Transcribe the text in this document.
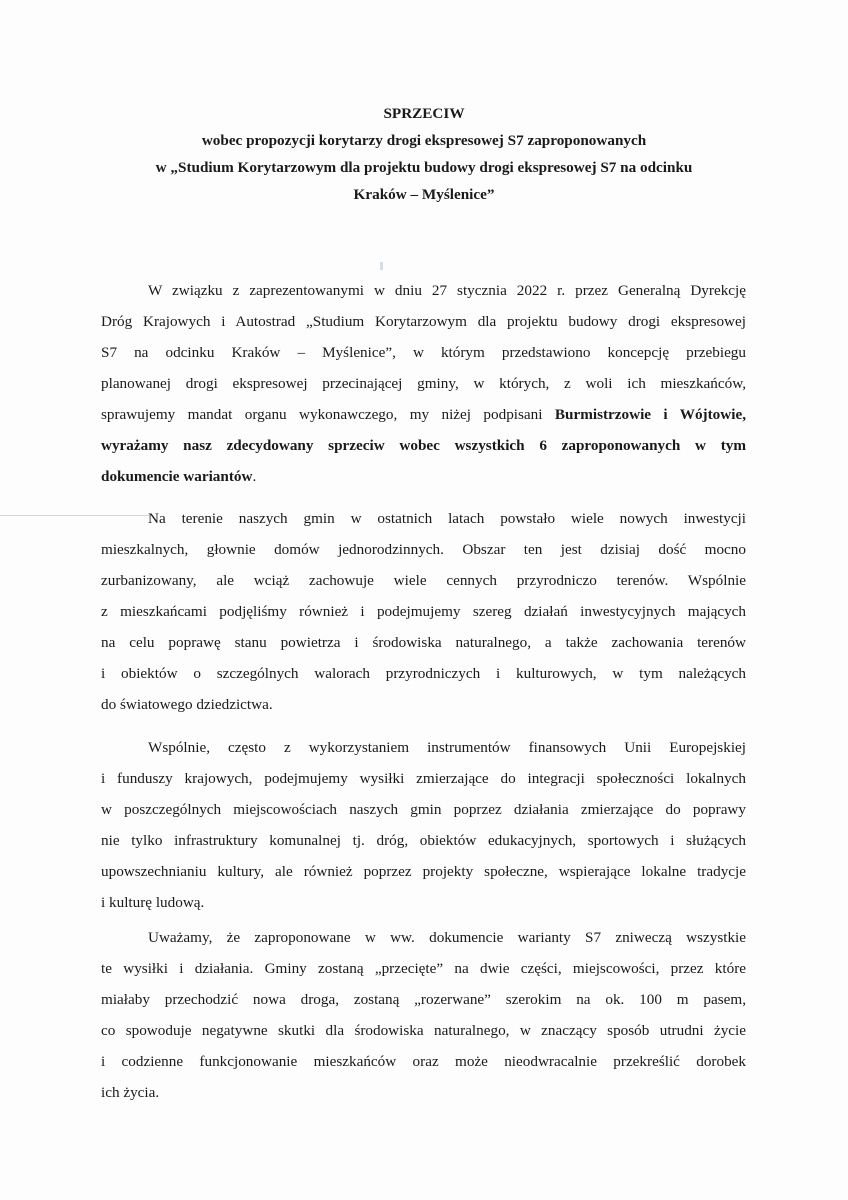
SPRZECIW
wobec propozycji korytarzy drogi ekspresowej S7 zaproponowanych
w „Studium Korytarzowym dla projektu budowy drogi ekspresowej S7 na odcinku
Kraków – Myślenice”
W związku z zaprezentowanymi w dniu 27 stycznia 2022 r. przez Generalną Dyrekcję
Dróg Krajowych i Autostrad „Studium Korytarzowym dla projektu budowy drogi ekspresowej
S7 na odcinku Kraków – Myślenice”, w którym przedstawiono koncepcję przebiegu
planowanej drogi ekspresowej przecinającej gminy, w których, z woli ich mieszkańców,
sprawujemy mandat organu wykonawczego, my niżej podpisani Burmistrzowie i Wójtowie,
wyrażamy nasz zdecydowany sprzeciw wobec wszystkich 6 zaproponowanych w tym
dokumencie wariantów.
Na terenie naszych gmin w ostatnich latach powstało wiele nowych inwestycji
mieszkalnych, głownie domów jednorodzinnych. Obszar ten jest dzisiaj dość mocno
zurbanizowany, ale wciąż zachowuje wiele cennych przyrodniczo terenów. Wspólnie
z mieszkańcami podjęliśmy również i podejmujemy szereg działań inwestycyjnych mających
na celu poprawę stanu powietrza i środowiska naturalnego, a także zachowania terenów
i obiektów o szczególnych walorach przyrodniczych i kulturowych, w tym należących
do światowego dziedzictwa.
Wspólnie, często z wykorzystaniem instrumentów finansowych Unii Europejskiej
i funduszy krajowych, podejmujemy wysiłki zmierzające do integracji społeczności lokalnych
w poszczególnych miejscowościach naszych gmin poprzez działania zmierzające do poprawy
nie tylko infrastruktury komunalnej tj. dróg, obiektów edukacyjnych, sportowych i służących
upowszechnianiu kultury, ale również poprzez projekty społeczne, wspierające lokalne tradycje
i kulturę ludową.
Uważamy, że zaproponowane w ww. dokumencie warianty S7 zniweczą wszystkie
te wysiłki i działania. Gminy zostaną „przecięte” na dwie części, miejscowości, przez które
miałaby przechodzić nowa droga, zostaną „rozerwane” szerokim na ok. 100 m pasem,
co spowoduje negatywne skutki dla środowiska naturalnego, w znaczący sposób utrudni życie
i codzienne funkcjonowanie mieszkańców oraz może nieodwracalnie przekreślić dorobek
ich życia.
